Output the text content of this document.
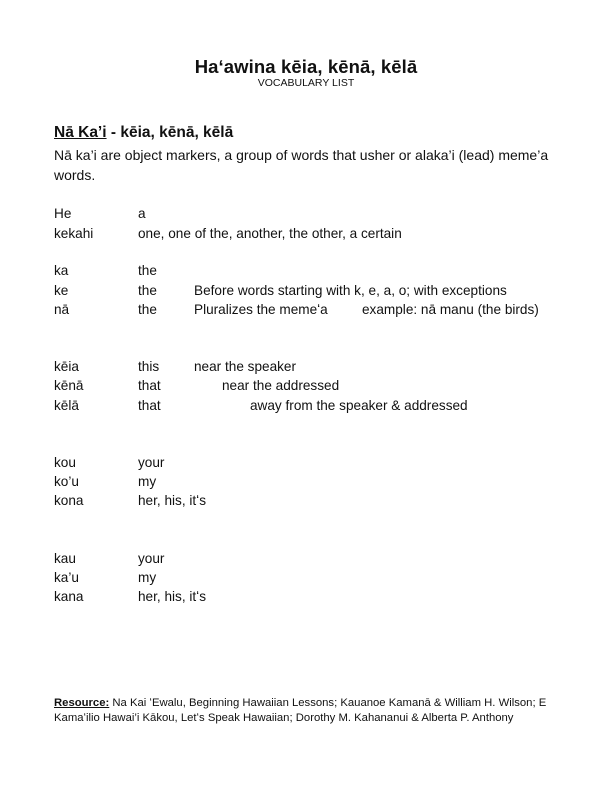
Haʻawina kēia, kēnā, kēlā
VOCABULARY LIST
Nā Ka’i - kēia, kēnā, kēlā
Nā ka’i are object markers, a group of words that usher or alaka’i (lead) meme’a words.
He	a
kekahi	one, one of the, another, the other, a certain
ka	the
ke	the	Before words starting with k, e, a, o; with exceptions
nā	the	Pluralizes the memeʻa	example: nā manu (the birds)
kēia	this	near the speaker
kēnā	that	near the addressed
kēlā	that	away from the speaker & addressed
kou	your
ko’u	my
kona	her, his, itʻs
kau	your
ka’u	my
kana	her, his, itʻs
Resource: Na Kai ʻEwalu, Beginning Hawaiian Lessons; Kauanoe Kamanā & William H. Wilson; E Kamaʻilio Hawai’i Kākou, Letʻs Speak Hawaiian; Dorothy M. Kahananui & Alberta P. Anthony
